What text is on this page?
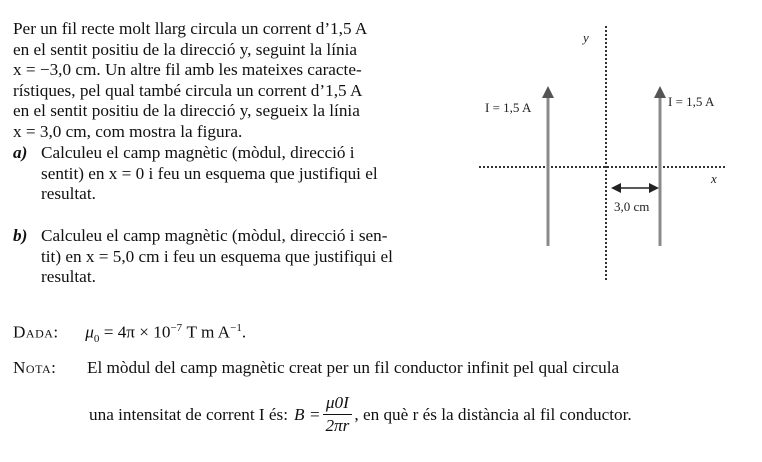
Per un fil recte molt llarg circula un corrent d’1,5 A

en el sentit positiu de la direcció y, seguint la línia

x = −3,0 cm. Un altre fil amb les mateixes caracte-

rístiques, pel qual també circula un corrent d’1,5 A

en el sentit positiu de la direcció y, segueix la línia

x = 3,0 cm, com mostra la figura.

a) Calculeu el camp magnètic (mòdul, direcció i
sentit) en x = 0 i feu un esquema que justifiqui el
resultat.
b) Calculeu el camp magnètic (mòdul, direcció i sen-
tit) en x = 5,0 cm i feu un esquema que justifiqui el
resultat.
Dada: $\mu_0 = 4\pi \times 10^{-7}$ T m $A^{-1}$.
Nota: El mòdul del camp magnètic creat per un fil conductor infinit pel qual circula
una intensitat de corrent I és: $B = \frac{\mu 0I}{2\pi r}$ , en què r és la distància al fil conductor.
y
x
I = 1,5 A	I = 1,5 A
3,0 cm
